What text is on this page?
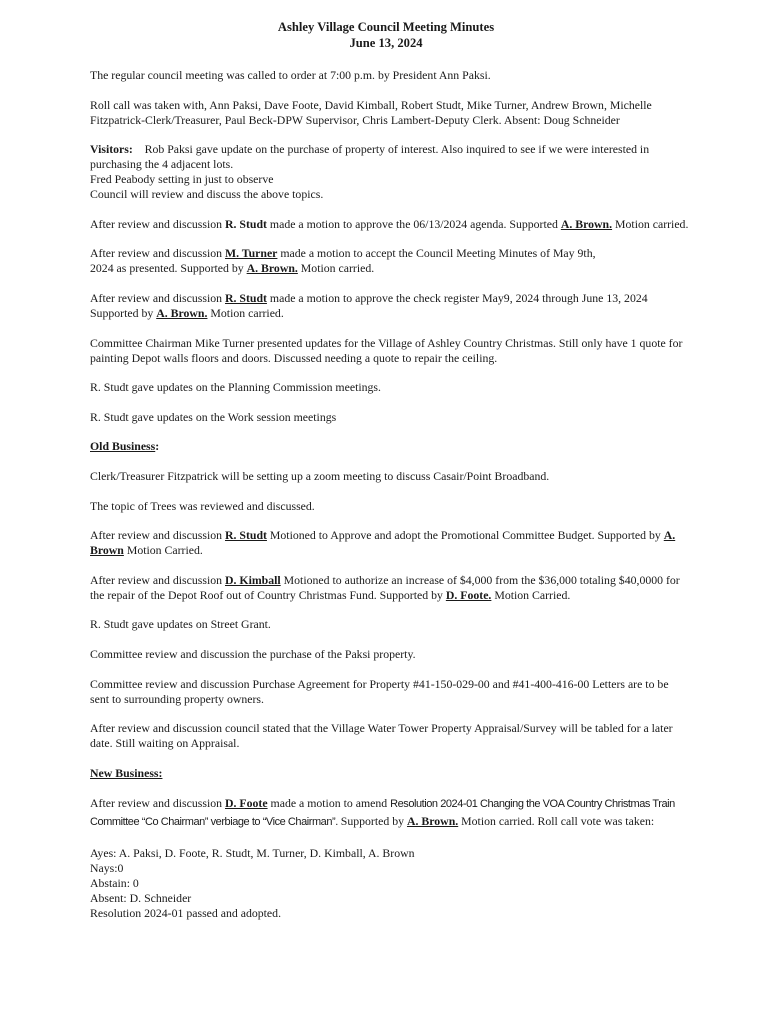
Ashley Village Council Meeting Minutes
June 13, 2024

The regular council meeting was called to order at 7:00 p.m. by President Ann Paksi.

Roll call was taken with, Ann Paksi, Dave Foote, David Kimball, Robert Studt, Mike Turner, Andrew Brown, Michelle Fitzpatrick-Clerk/Treasurer, Paul Beck-DPW Supervisor, Chris Lambert-Deputy Clerk. Absent: Doug Schneider

Visitors: Rob Paksi gave update on the purchase of property of interest. Also inquired to see if we were interested in purchasing the 4 adjacent lots.
Fred Peabody setting in just to observe
Council will review and discuss the above topics.

After review and discussion R. Studt made a motion to approve the 06/13/2024 agenda. Supported A. Brown. Motion carried.

After review and discussion M. Turner made a motion to accept the Council Meeting Minutes of May 9th, 2024 as presented. Supported by A. Brown. Motion carried.

After review and discussion R. Studt made a motion to approve the check register May9, 2024 through June 13, 2024 Supported by A. Brown. Motion carried.

Committee Chairman Mike Turner presented updates for the Village of Ashley Country Christmas. Still only have 1 quote for painting Depot walls floors and doors. Discussed needing a quote to repair the ceiling.

R. Studt gave updates on the Planning Commission meetings.

R. Studt gave updates on the Work session meetings

Old Business:

Clerk/Treasurer Fitzpatrick will be setting up a zoom meeting to discuss Casair/Point Broadband.

The topic of Trees was reviewed and discussed.

After review and discussion R. Studt Motioned to Approve and adopt the Promotional Committee Budget. Supported by A. Brown Motion Carried.

After review and discussion D. Kimball Motioned to authorize an increase of $4,000 from the $36,000 totaling $40,0000 for the repair of the Depot Roof out of Country Christmas Fund. Supported by D. Foote. Motion Carried.

R. Studt gave updates on Street Grant.

Committee review and discussion the purchase of the Paksi property.

Committee review and discussion Purchase Agreement for Property #41-150-029-00 and #41-400-416-00 Letters are to be sent to surrounding property owners.

After review and discussion council stated that the Village Water Tower Property Appraisal/Survey will be tabled for a later date. Still waiting on Appraisal.

New Business:

After review and discussion D. Foote made a motion to amend Resolution 2024-01 Changing the VOA Country Christmas Train Committee “Co Chairman” verbiage to “Vice Chairman”. Supported by A. Brown. Motion carried. Roll call vote was taken:

Ayes: A. Paksi, D. Foote, R. Studt, M. Turner, D. Kimball, A. Brown
Nays:0
Abstain: 0
Absent: D. Schneider
Resolution 2024-01 passed and adopted.
